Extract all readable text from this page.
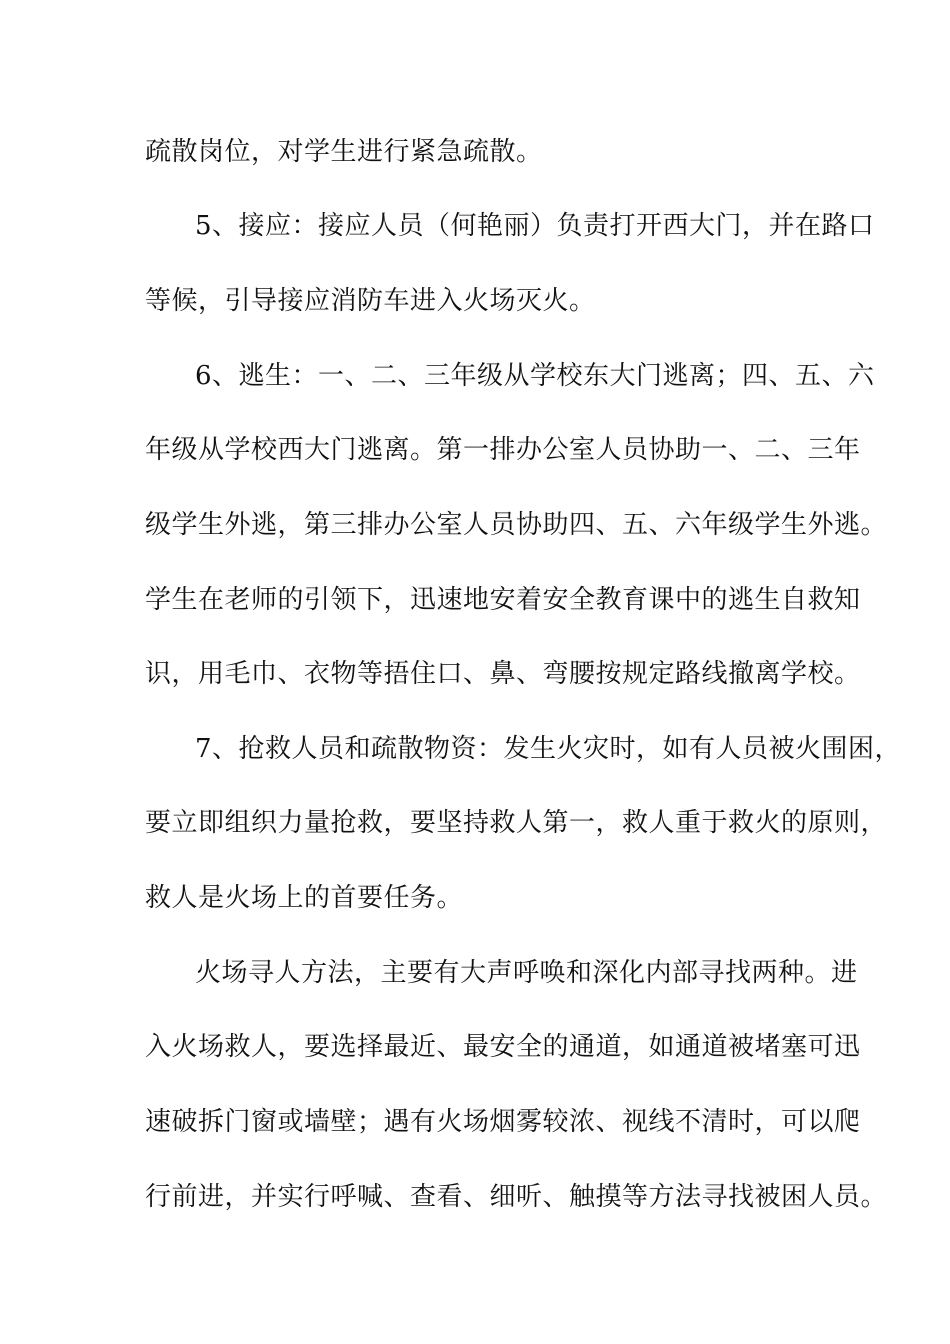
疏散岗位，对学生进行紧急疏散。
5、接应：接应人员（何艳丽）负责打开西大门，并在路口
等候，引导接应消防车进入火场灭火。
6、逃生：一、二、三年级从学校东大门逃离；四、五、六
年级从学校西大门逃离。第一排办公室人员协助一、二、三年
级学生外逃，第三排办公室人员协助四、五、六年级学生外逃。
学生在老师的引领下，迅速地安着安全教育课中的逃生自救知
识，用毛巾、衣物等捂住口、鼻、弯腰按规定路线撤离学校。
7、抢救人员和疏散物资：发生火灾时，如有人员被火围困，
要立即组织力量抢救，要坚持救人第一，救人重于救火的原则，
救人是火场上的首要任务。
火场寻人方法，主要有大声呼唤和深化内部寻找两种。进
入火场救人，要选择最近、最安全的通道，如通道被堵塞可迅
速破拆门窗或墙壁；遇有火场烟雾较浓、视线不清时，可以爬
行前进，并实行呼喊、查看、细听、触摸等方法寻找被困人员。
